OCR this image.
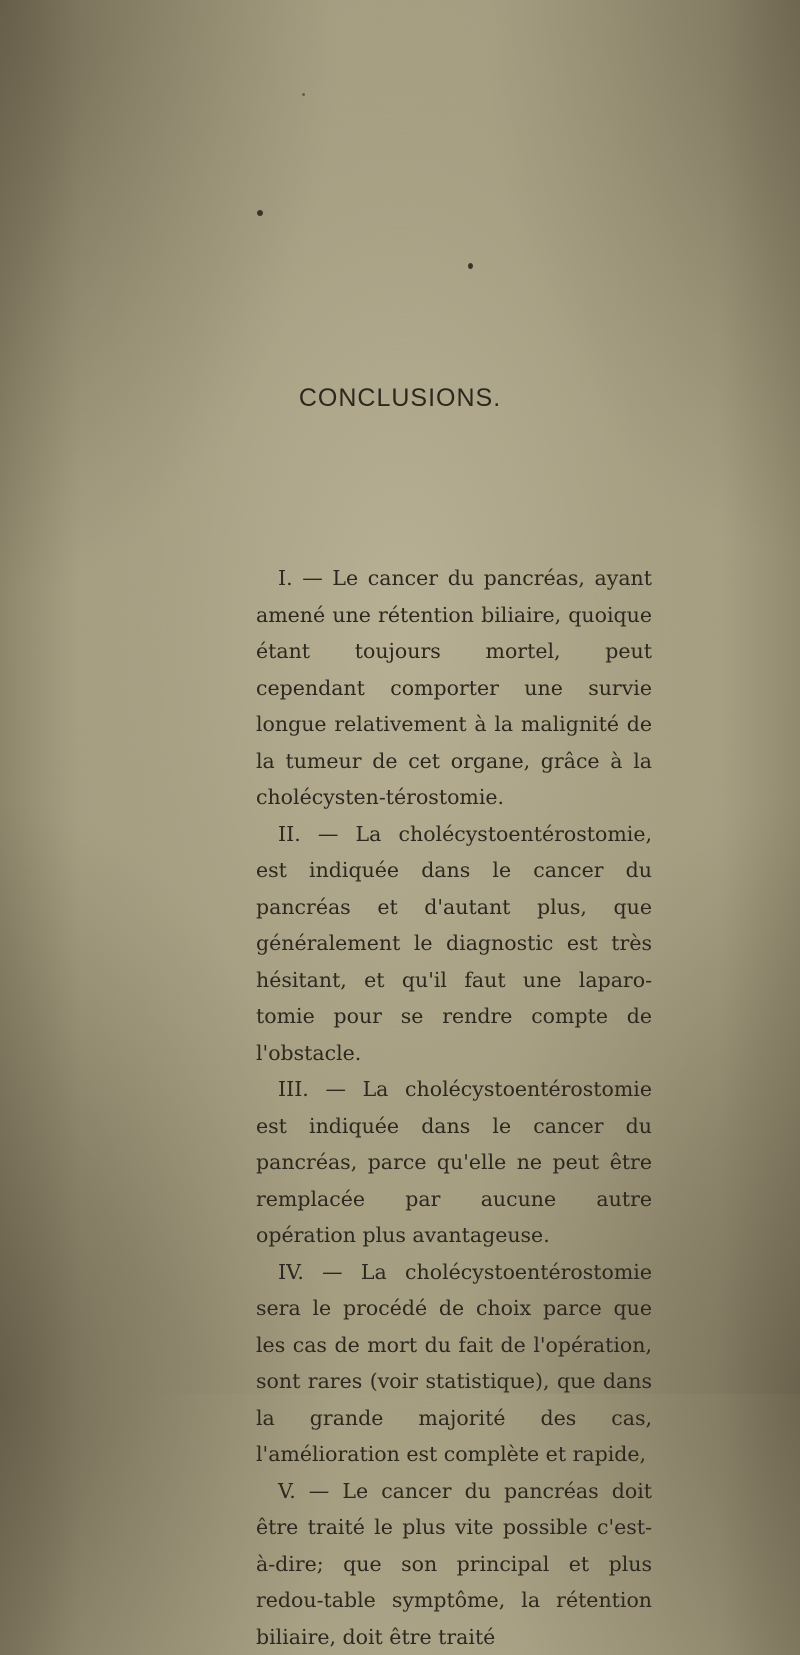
CONCLUSIONS.

I. — Le cancer du pancréas, ayant amené une rétention biliaire, quoique étant toujours mortel, peut cependant comporter une survie longue relativement à la malignité de la tumeur de cet organe, grâce à la cholécysten-térostomie.

II. — La cholécystoentérostomie, est indiquée dans le cancer du pancréas et d'autant plus, que généralement le diagnostic est très hésitant, et qu'il faut une laparo-tomie pour se rendre compte de l'obstacle.

III. — La cholécystoentérostomie est indiquée dans le cancer du pancréas, parce qu'elle ne peut être remplacée par aucune autre opération plus avantageuse.

IV. — La cholécystoentérostomie sera le procédé de choix parce que les cas de mort du fait de l'opération, sont rares (voir statistique), que dans la grande majorité des cas, l'amélioration est complète et rapide,

V. — Le cancer du pancréas doit être traité le plus vite possible c'est-à-dire; que son principal et plus redou-table symptôme, la rétention biliaire, doit être traité
